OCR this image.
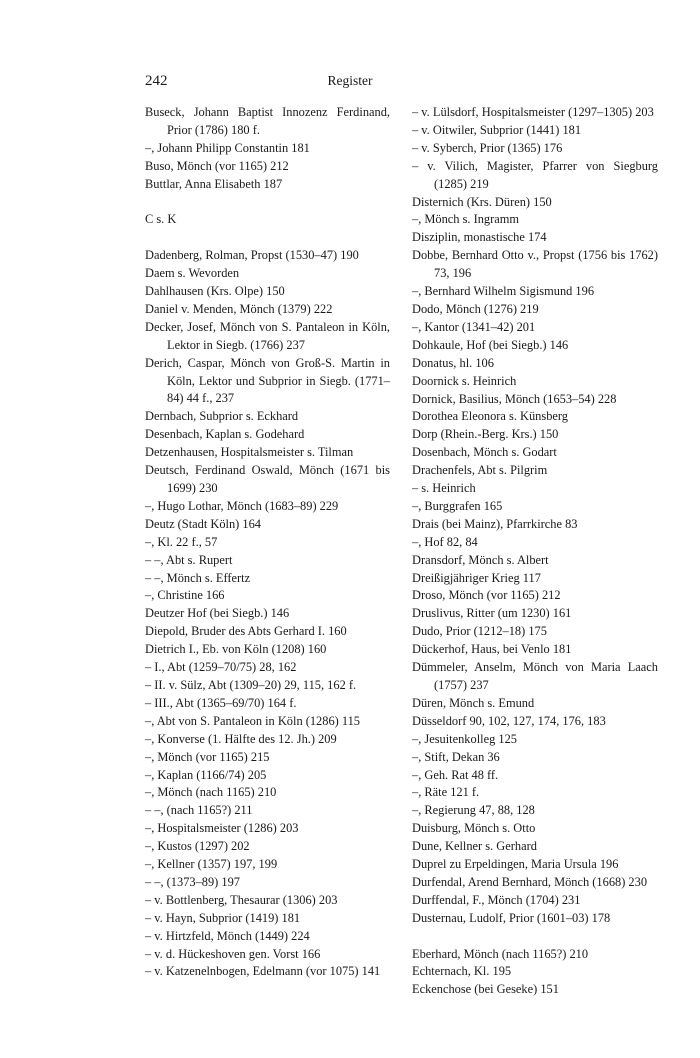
242	Register
Buseck, Johann Baptist Innozenz Ferdinand, Prior (1786) 180 f.
–, Johann Philipp Constantin 181
Buso, Mönch (vor 1165) 212
Buttlar, Anna Elisabeth 187
C s. K
Dadenberg, Rolman, Propst (1530–47) 190
Daem s. Wevorden
Dahlhausen (Krs. Olpe) 150
Daniel v. Menden, Mönch (1379) 222
Decker, Josef, Mönch von S. Pantaleon in Köln, Lektor in Siegb. (1766) 237
Derich, Caspar, Mönch von Groß-S. Martin in Köln, Lektor und Subprior in Siegb. (1771–84) 44 f., 237
Dernbach, Subprior s. Eckhard
Desenbach, Kaplan s. Godehard
Detzenhausen, Hospitalsmeister s. Tilman
Deutsch, Ferdinand Oswald, Mönch (1671 bis 1699) 230
–, Hugo Lothar, Mönch (1683–89) 229
Deutz (Stadt Köln) 164
–, Kl. 22 f., 57
– –, Abt s. Rupert
– –, Mönch s. Effertz
–, Christine 166
Deutzer Hof (bei Siegb.) 146
Diepold, Bruder des Abts Gerhard I. 160
Dietrich I., Eb. von Köln (1208) 160
– I., Abt (1259–70/75) 28, 162
– II. v. Sülz, Abt (1309–20) 29, 115, 162 f.
– III., Abt (1365–69/70) 164 f.
–, Abt von S. Pantaleon in Köln (1286) 115
–, Konverse (1. Hälfte des 12. Jh.) 209
–, Mönch (vor 1165) 215
–, Kaplan (1166/74) 205
–, Mönch (nach 1165) 210
– –, (nach 1165?) 211
–, Hospitalsmeister (1286) 203
–, Kustos (1297) 202
–, Kellner (1357) 197, 199
– –, (1373–89) 197
– v. Bottlenberg, Thesaurar (1306) 203
– v. Hayn, Subprior (1419) 181
– v. Hirtzfeld, Mönch (1449) 224
– v. d. Hückeshoven gen. Vorst 166
– v. Katzenelnbogen, Edelmann (vor 1075) 141
– v. Lülsdorf, Hospitalsmeister (1297–1305) 203
– v. Oitwiler, Subprior (1441) 181
– v. Syberch, Prior (1365) 176
– v. Vilich, Magister, Pfarrer von Siegburg (1285) 219
Disternich (Krs. Düren) 150
–, Mönch s. Ingramm
Disziplin, monastische 174
Dobbe, Bernhard Otto v., Propst (1756 bis 1762) 73, 196
–, Bernhard Wilhelm Sigismund 196
Dodo, Mönch (1276) 219
–, Kantor (1341–42) 201
Dohkaule, Hof (bei Siegb.) 146
Donatus, hl. 106
Doornick s. Heinrich
Dornick, Basilius, Mönch (1653–54) 228
Dorothea Eleonora s. Künsberg
Dorp (Rhein.-Berg. Krs.) 150
Dosenbach, Mönch s. Godart
Drachenfels, Abt s. Pilgrim
– s. Heinrich
–, Burggrafen 165
Drais (bei Mainz), Pfarrkirche 83
–, Hof 82, 84
Dransdorf, Mönch s. Albert
Dreißigjähriger Krieg 117
Droso, Mönch (vor 1165) 212
Druslivus, Ritter (um 1230) 161
Dudo, Prior (1212–18) 175
Dückerhof, Haus, bei Venlo 181
Dümmeler, Anselm, Mönch von Maria Laach (1757) 237
Düren, Mönch s. Emund
Düsseldorf 90, 102, 127, 174, 176, 183
–, Jesuitenkolleg 125
–, Stift, Dekan 36
–, Geh. Rat 48 ff.
–, Räte 121 f.
–, Regierung 47, 88, 128
Duisburg, Mönch s. Otto
Dune, Kellner s. Gerhard
Duprel zu Erpeldingen, Maria Ursula 196
Durfendal, Arend Bernhard, Mönch (1668) 230
Durffendal, F., Mönch (1704) 231
Dusternau, Ludolf, Prior (1601–03) 178
Eberhard, Mönch (nach 1165?) 210
Echternach, Kl. 195
Eckenchose (bei Geseke) 151
